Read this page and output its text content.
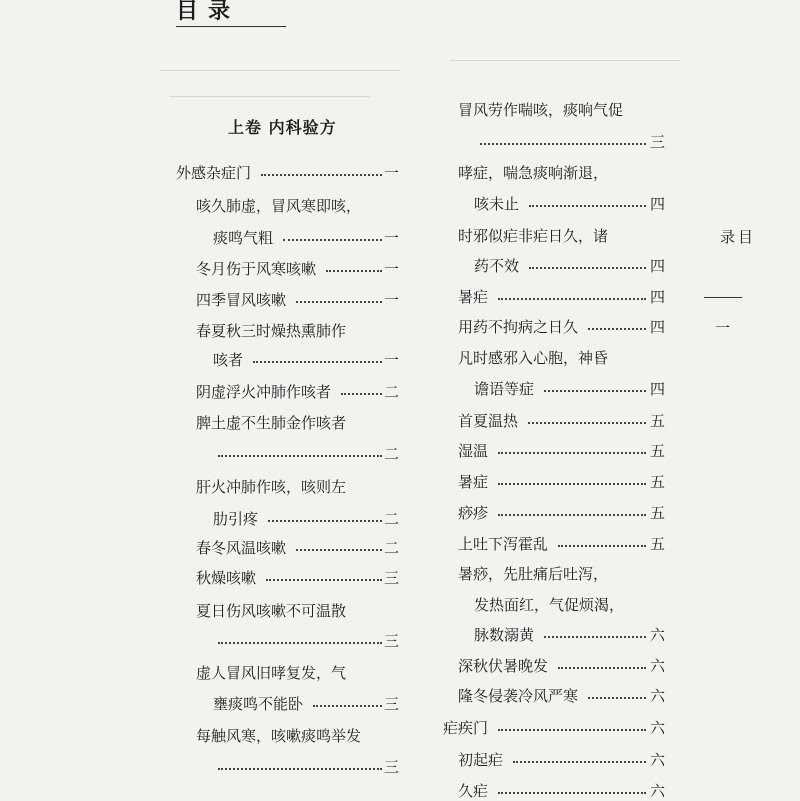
目录
上卷 内科验方
外感杂症门	一
咳久肺虚，冒风寒即咳，
痰鸣气粗	一
冬月伤于风寒咳嗽	一
四季冒风咳嗽	一
春夏秋三时燥热熏肺作
咳者	一
阴虚浮火冲肺作咳者	二
脾土虚不生肺金作咳者
二
肝火冲肺作咳，咳则左
肋引疼	二
春冬风温咳嗽	二
秋燥咳嗽	三
夏日伤风咳嗽不可温散
三
虚人冒风旧哮复发，气
壅痰鸣不能卧	三
每触风寒，咳嗽痰鸣举发
三
冒风劳作喘咳，痰响气促
三
哮症，喘急痰响渐退，
咳未止	四
时邪似疟非疟日久，诸
药不效	四
暑疟	四
用药不拘病之日久	四
凡时感邪入心胞，神昏
谵语等症	四
首夏温热	五
湿温	五
暑症	五
痧疹	五
上吐下泻霍乱	五
暑痧，先肚痛后吐泻，
发热面红，气促烦渴，
脉数溺黄	六
深秋伏暑晚发	六
隆冬侵袭冷风严寒	六
疟疾门	六
初起疟	六
久疟	六
目录
一
